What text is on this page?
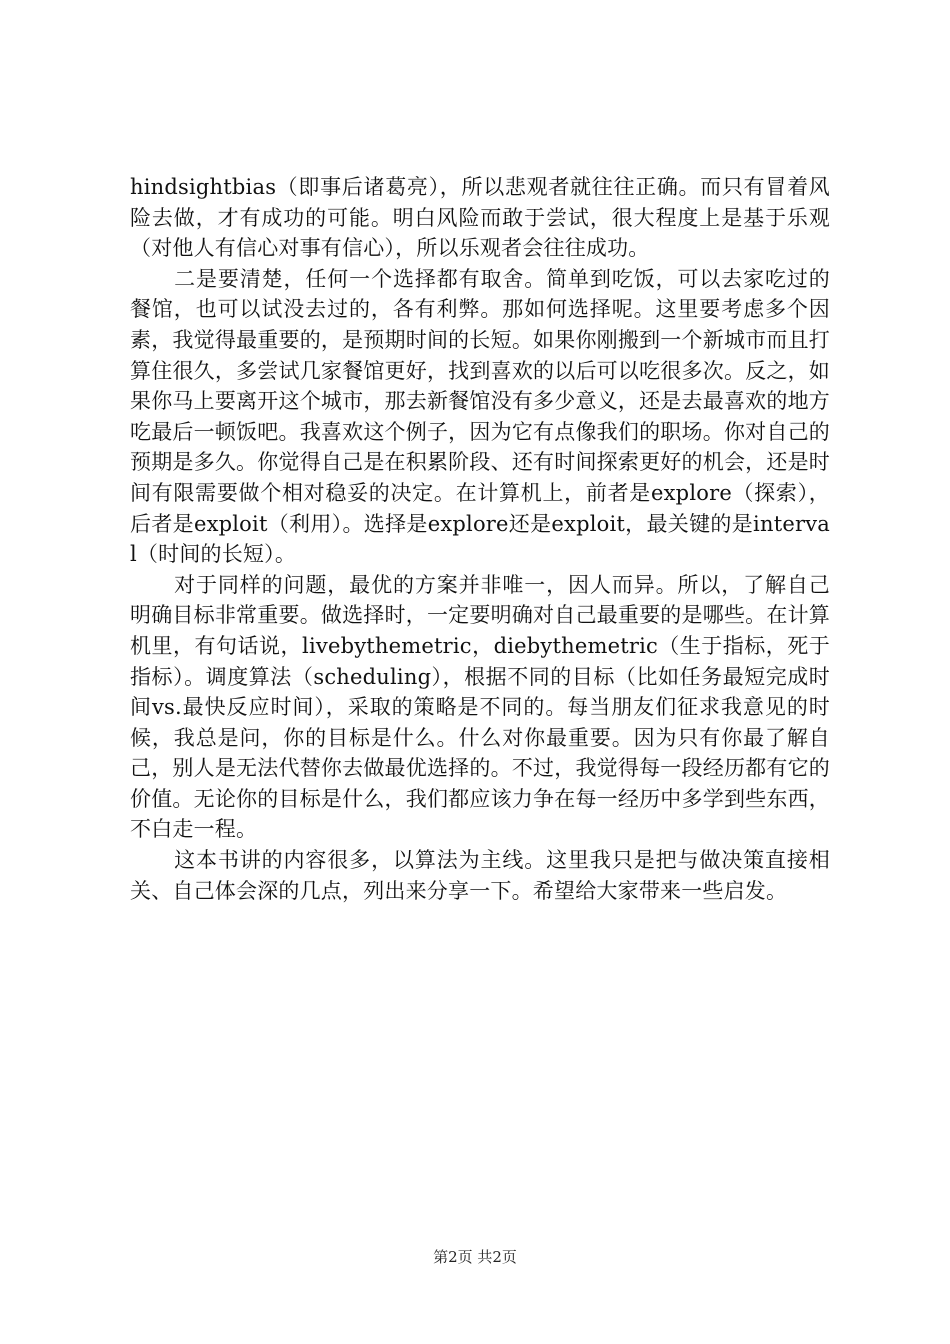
hindsightbias（即事后诸葛亮），所以悲观者就往往正确。而只有冒着风险去做，才有成功的可能。明白风险而敢于尝试，很大程度上是基于乐观（对他人有信心对事有信心），所以乐观者会往往成功。

二是要清楚，任何一个选择都有取舍。简单到吃饭，可以去家吃过的餐馆，也可以试没去过的，各有利弊。那如何选择呢。这里要考虑多个因素，我觉得最重要的，是预期时间的长短。如果你刚搬到一个新城市而且打算住很久，多尝试几家餐馆更好，找到喜欢的以后可以吃很多次。反之，如果你马上要离开这个城市，那去新餐馆没有多少意义，还是去最喜欢的地方吃最后一顿饭吧。我喜欢这个例子，因为它有点像我们的职场。你对自己的预期是多久。你觉得自己是在积累阶段、还有时间探索更好的机会，还是时间有限需要做个相对稳妥的决定。在计算机上，前者是explore（探索），后者是exploit（利用）。选择是explore还是exploit，最关键的是interval（时间的长短）。

对于同样的问题，最优的方案并非唯一，因人而异。所以，了解自己明确目标非常重要。做选择时，一定要明确对自己最重要的是哪些。在计算机里，有句话说，livebythemetric，diebythemetric（生于指标，死于指标）。调度算法（scheduling），根据不同的目标（比如任务最短完成时间vs.最快反应时间），采取的策略是不同的。每当朋友们征求我意见的时候，我总是问，你的目标是什么。什么对你最重要。因为只有你最了解自己，别人是无法代替你去做最优选择的。不过，我觉得每一段经历都有它的价值。无论你的目标是什么，我们都应该力争在每一经历中多学到些东西，不白走一程。

这本书讲的内容很多，以算法为主线。这里我只是把与做决策直接相关、自己体会深的几点，列出来分享一下。希望给大家带来一些启发。

第2页 共2页
